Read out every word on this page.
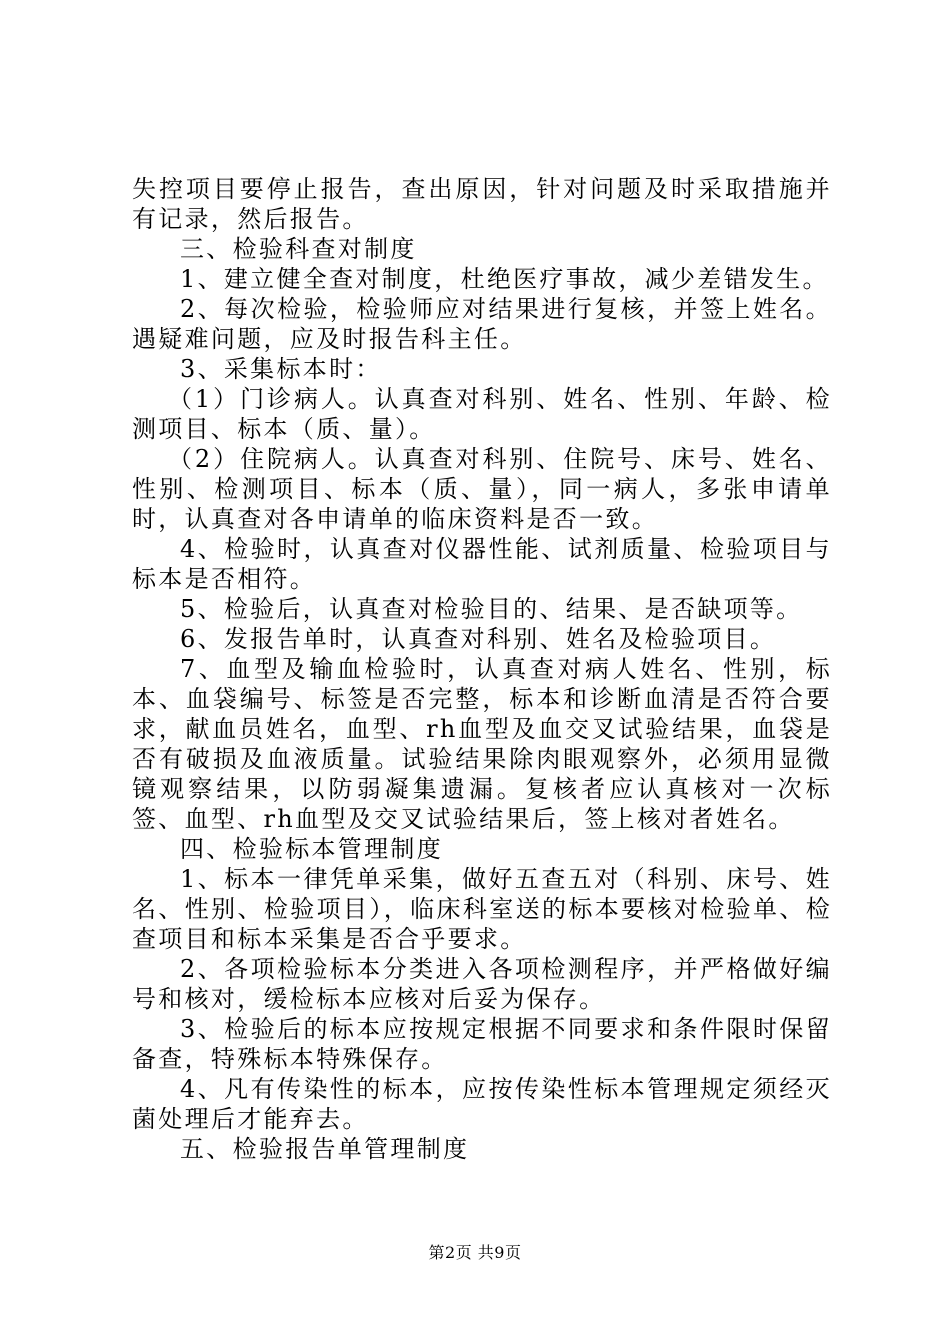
失控项目要停止报告，查出原因，针对问题及时采取措施并有记录，然后报告。

三、检验科查对制度

1、建立健全查对制度，杜绝医疗事故，减少差错发生。

2、每次检验，检验师应对结果进行复核，并签上姓名。遇疑难问题，应及时报告科主任。

3、采集标本时：

（1）门诊病人。认真查对科别、姓名、性别、年龄、检测项目、标本（质、量）。

（2）住院病人。认真查对科别、住院号、床号、姓名、性别、检测项目、标本（质、量），同一病人，多张申请单时，认真查对各申请单的临床资料是否一致。

4、检验时，认真查对仪器性能、试剂质量、检验项目与标本是否相符。

5、检验后，认真查对检验目的、结果、是否缺项等。

6、发报告单时，认真查对科别、姓名及检验项目。

7、血型及输血检验时，认真查对病人姓名、性别，标本、血袋编号、标签是否完整，标本和诊断血清是否符合要求，献血员姓名，血型、rh血型及血交叉试验结果，血袋是否有破损及血液质量。试验结果除肉眼观察外，必须用显微镜观察结果，以防弱凝集遗漏。复核者应认真核对一次标签、血型、rh血型及交叉试验结果后，签上核对者姓名。

四、检验标本管理制度

1、标本一律凭单采集，做好五查五对（科别、床号、姓名、性别、检验项目），临床科室送的标本要核对检验单、检查项目和标本采集是否合乎要求。

2、各项检验标本分类进入各项检测程序，并严格做好编号和核对，缓检标本应核对后妥为保存。

3、检验后的标本应按规定根据不同要求和条件限时保留备查，特殊标本特殊保存。

4、凡有传染性的标本，应按传染性标本管理规定须经灭菌处理后才能弃去。

五、检验报告单管理制度

第2页 共9页
